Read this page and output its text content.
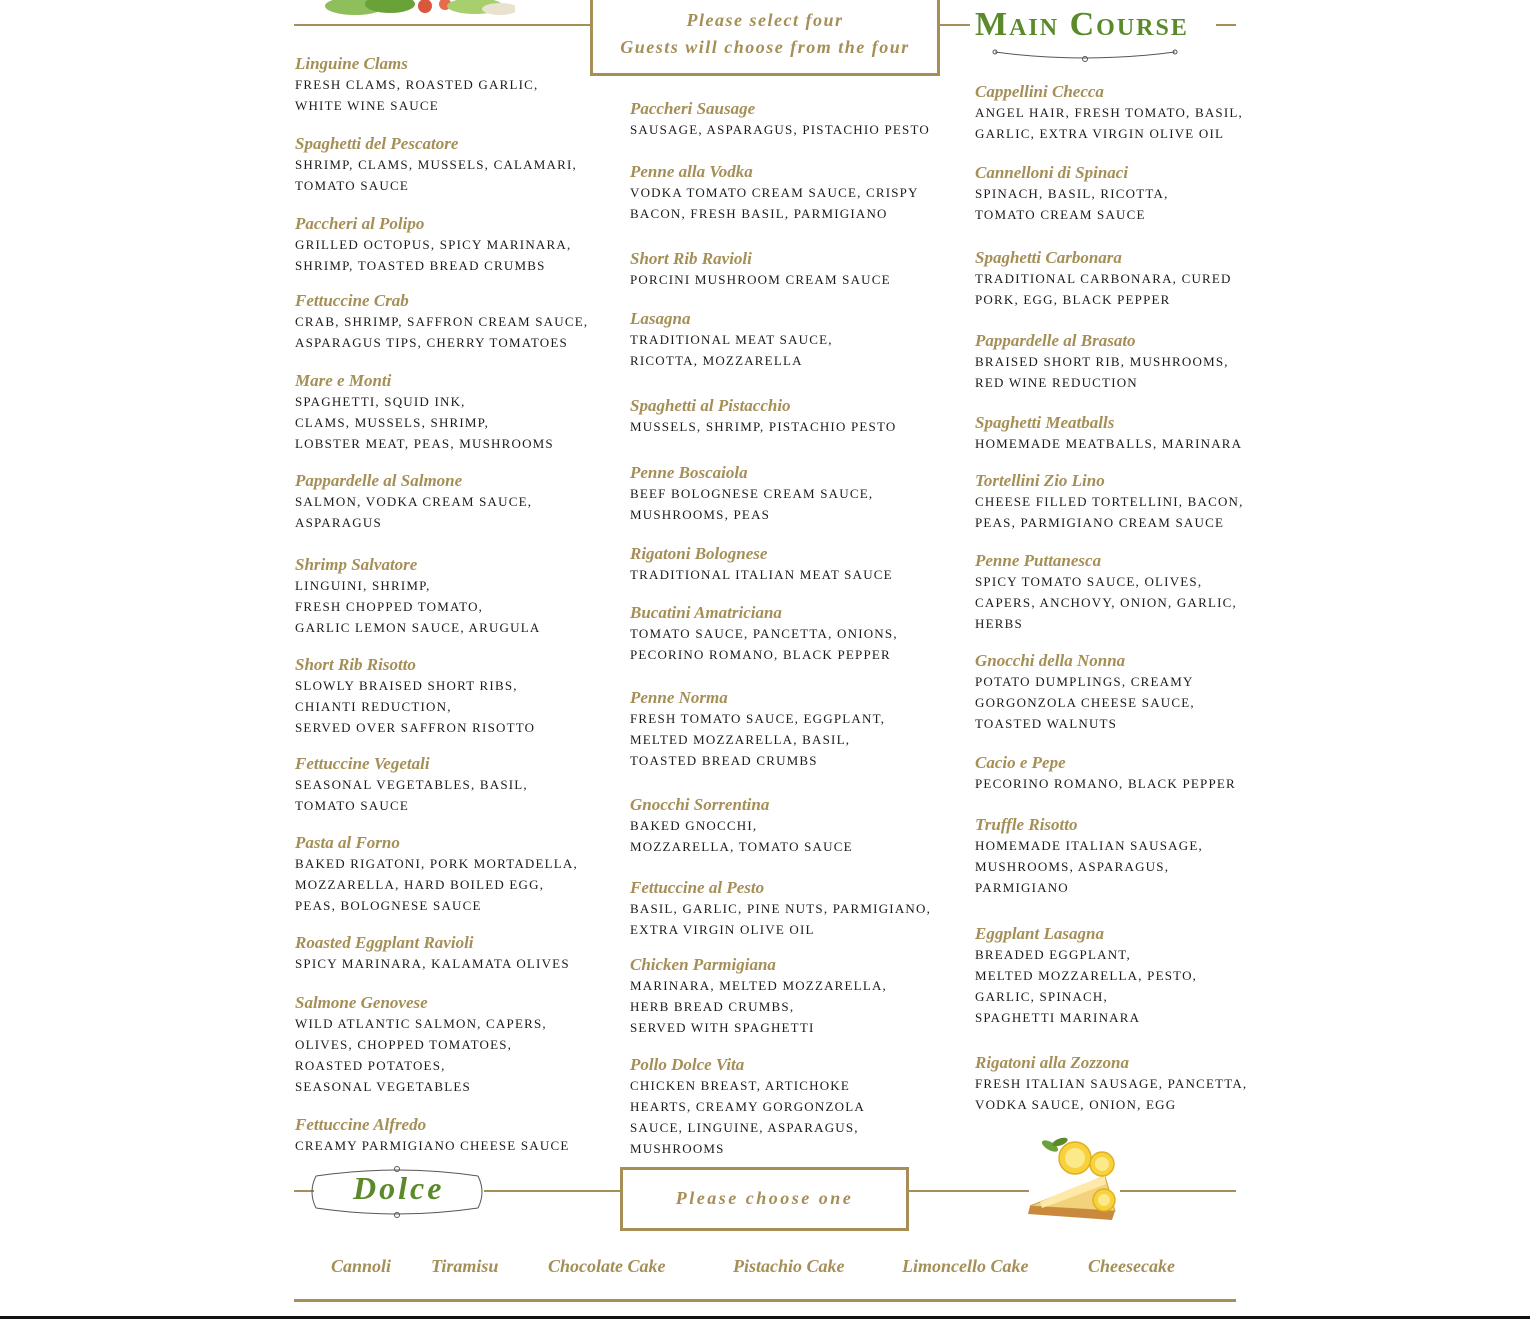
Please select four
Guests will choose from the four
Main Course
Linguine Clams
FRESH CLAMS, ROASTED GARLIC,
WHITE WINE SAUCE
Spaghetti del Pescatore
SHRIMP, CLAMS, MUSSELS, CALAMARI,
TOMATO SAUCE
Paccheri al Polipo
GRILLED OCTOPUS, SPICY MARINARA,
SHRIMP, TOASTED BREAD CRUMBS
Fettuccine Crab
CRAB, SHRIMP, SAFFRON CREAM SAUCE,
ASPARAGUS TIPS, CHERRY TOMATOES
Mare e Monti
SPAGHETTI, SQUID INK,
CLAMS, MUSSELS, SHRIMP,
LOBSTER MEAT, PEAS, MUSHROOMS
Pappardelle al Salmone
SALMON, VODKA CREAM SAUCE,
ASPARAGUS
Shrimp Salvatore
LINGUINI, SHRIMP,
FRESH CHOPPED TOMATO,
GARLIC LEMON SAUCE, ARUGULA
Short Rib Risotto
SLOWLY BRAISED SHORT RIBS,
CHIANTI REDUCTION,
SERVED OVER SAFFRON RISOTTO
Fettuccine Vegetali
SEASONAL VEGETABLES, BASIL,
TOMATO SAUCE
Pasta al Forno
BAKED RIGATONI, PORK MORTADELLA,
MOZZARELLA, HARD BOILED EGG,
PEAS, BOLOGNESE SAUCE
Roasted Eggplant Ravioli
SPICY MARINARA, KALAMATA OLIVES
Salmone Genovese
WILD ATLANTIC SALMON, CAPERS,
OLIVES, CHOPPED TOMATOES,
ROASTED POTATOES,
SEASONAL VEGETABLES
Fettuccine Alfredo
CREAMY PARMIGIANO CHEESE SAUCE
Paccheri Sausage
SAUSAGE, ASPARAGUS, PISTACHIO PESTO
Penne alla Vodka
VODKA TOMATO CREAM SAUCE, CRISPY
BACON, FRESH BASIL, PARMIGIANO
Short Rib Ravioli
PORCINI MUSHROOM CREAM SAUCE
Lasagna
TRADITIONAL MEAT SAUCE,
RICOTTA, MOZZARELLA
Spaghetti al Pistacchio
MUSSELS, SHRIMP, PISTACHIO PESTO
Penne Boscaiola
BEEF BOLOGNESE CREAM SAUCE,
MUSHROOMS, PEAS
Rigatoni Bolognese
TRADITIONAL ITALIAN MEAT SAUCE
Bucatini Amatriciana
TOMATO SAUCE, PANCETTA, ONIONS,
PECORINO ROMANO, BLACK PEPPER
Penne Norma
FRESH TOMATO SAUCE, EGGPLANT,
MELTED MOZZARELLA, BASIL,
TOASTED BREAD CRUMBS
Gnocchi Sorrentina
BAKED GNOCCHI,
MOZZARELLA, TOMATO SAUCE
Fettuccine al Pesto
BASIL, GARLIC, PINE NUTS, PARMIGIANO,
EXTRA VIRGIN OLIVE OIL
Chicken Parmigiana
MARINARA, MELTED MOZZARELLA,
HERB BREAD CRUMBS,
SERVED WITH SPAGHETTI
Pollo Dolce Vita
CHICKEN BREAST, ARTICHOKE
HEARTS, CREAMY GORGONZOLA
SAUCE, LINGUINE, ASPARAGUS,
MUSHROOMS
Cappellini Checca
ANGEL HAIR, FRESH TOMATO, BASIL,
GARLIC, EXTRA VIRGIN OLIVE OIL
Cannelloni di Spinaci
SPINACH, BASIL, RICOTTA,
TOMATO CREAM SAUCE
Spaghetti Carbonara
TRADITIONAL CARBONARA, CURED
PORK, EGG, BLACK PEPPER
Pappardelle al Brasato
BRAISED SHORT RIB, MUSHROOMS,
RED WINE REDUCTION
Spaghetti Meatballs
HOMEMADE MEATBALLS, MARINARA
Tortellini Zio Lino
CHEESE FILLED TORTELLINI, BACON,
PEAS, PARMIGIANO CREAM SAUCE
Penne Puttanesca
SPICY TOMATO SAUCE, OLIVES,
CAPERS, ANCHOVY, ONION, GARLIC,
HERBS
Gnocchi della Nonna
POTATO DUMPLINGS, CREAMY
GORGONZOLA CHEESE SAUCE,
TOASTED WALNUTS
Cacio e Pepe
PECORINO ROMANO, BLACK PEPPER
Truffle Risotto
HOMEMADE ITALIAN SAUSAGE,
MUSHROOMS, ASPARAGUS,
PARMIGIANO
Eggplant Lasagna
BREADED EGGPLANT,
MELTED MOZZARELLA, PESTO,
GARLIC, SPINACH,
SPAGHETTI MARINARA
Rigatoni alla Zozzona
FRESH ITALIAN SAUSAGE, PANCETTA,
VODKA SAUCE, ONION, EGG
Dolce	Please choose one
Cannoli Tiramisu	Chocolate Cake	Pistachio Cake	Limoncello Cake	Cheesecake
